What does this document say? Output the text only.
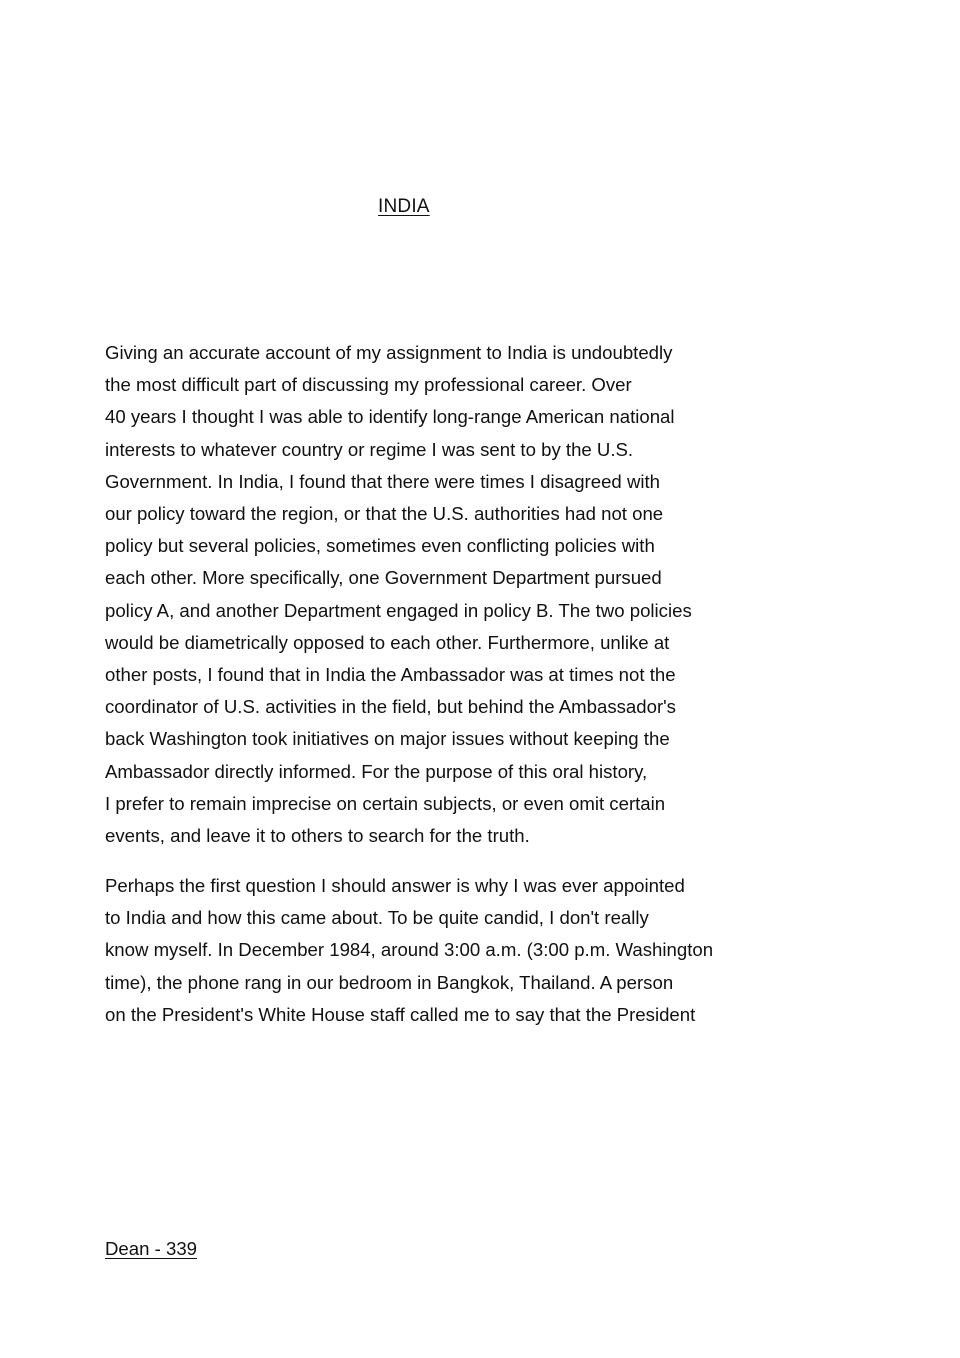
INDIA
Giving an accurate account of my assignment to India is undoubtedly
the most difficult part of discussing my professional career. Over
40 years I thought I was able to identify long-range American national
interests to whatever country or regime I was sent to by the U.S.
Government. In India, I found that there were times I disagreed with
our policy toward the region, or that the U.S. authorities had not one
policy but several policies, sometimes even conflicting policies with
each other. More specifically, one Government Department pursued
policy A, and another Department engaged in policy B. The two policies
would be diametrically opposed to each other. Furthermore, unlike at
other posts, I found that in India the Ambassador was at times not the
coordinator of U.S. activities in the field, but behind the Ambassador's
back Washington took initiatives on major issues without keeping the
Ambassador directly informed. For the purpose of this oral history,
I prefer to remain imprecise on certain subjects, or even omit certain
events, and leave it to others to search for the truth.
Perhaps the first question I should answer is why I was ever appointed
to India and how this came about. To be quite candid, I don't really
know myself. In December 1984, around 3:00 a.m. (3:00 p.m. Washington
time), the phone rang in our bedroom in Bangkok, Thailand. A person
on the President's White House staff called me to say that the President
Dean - 339
